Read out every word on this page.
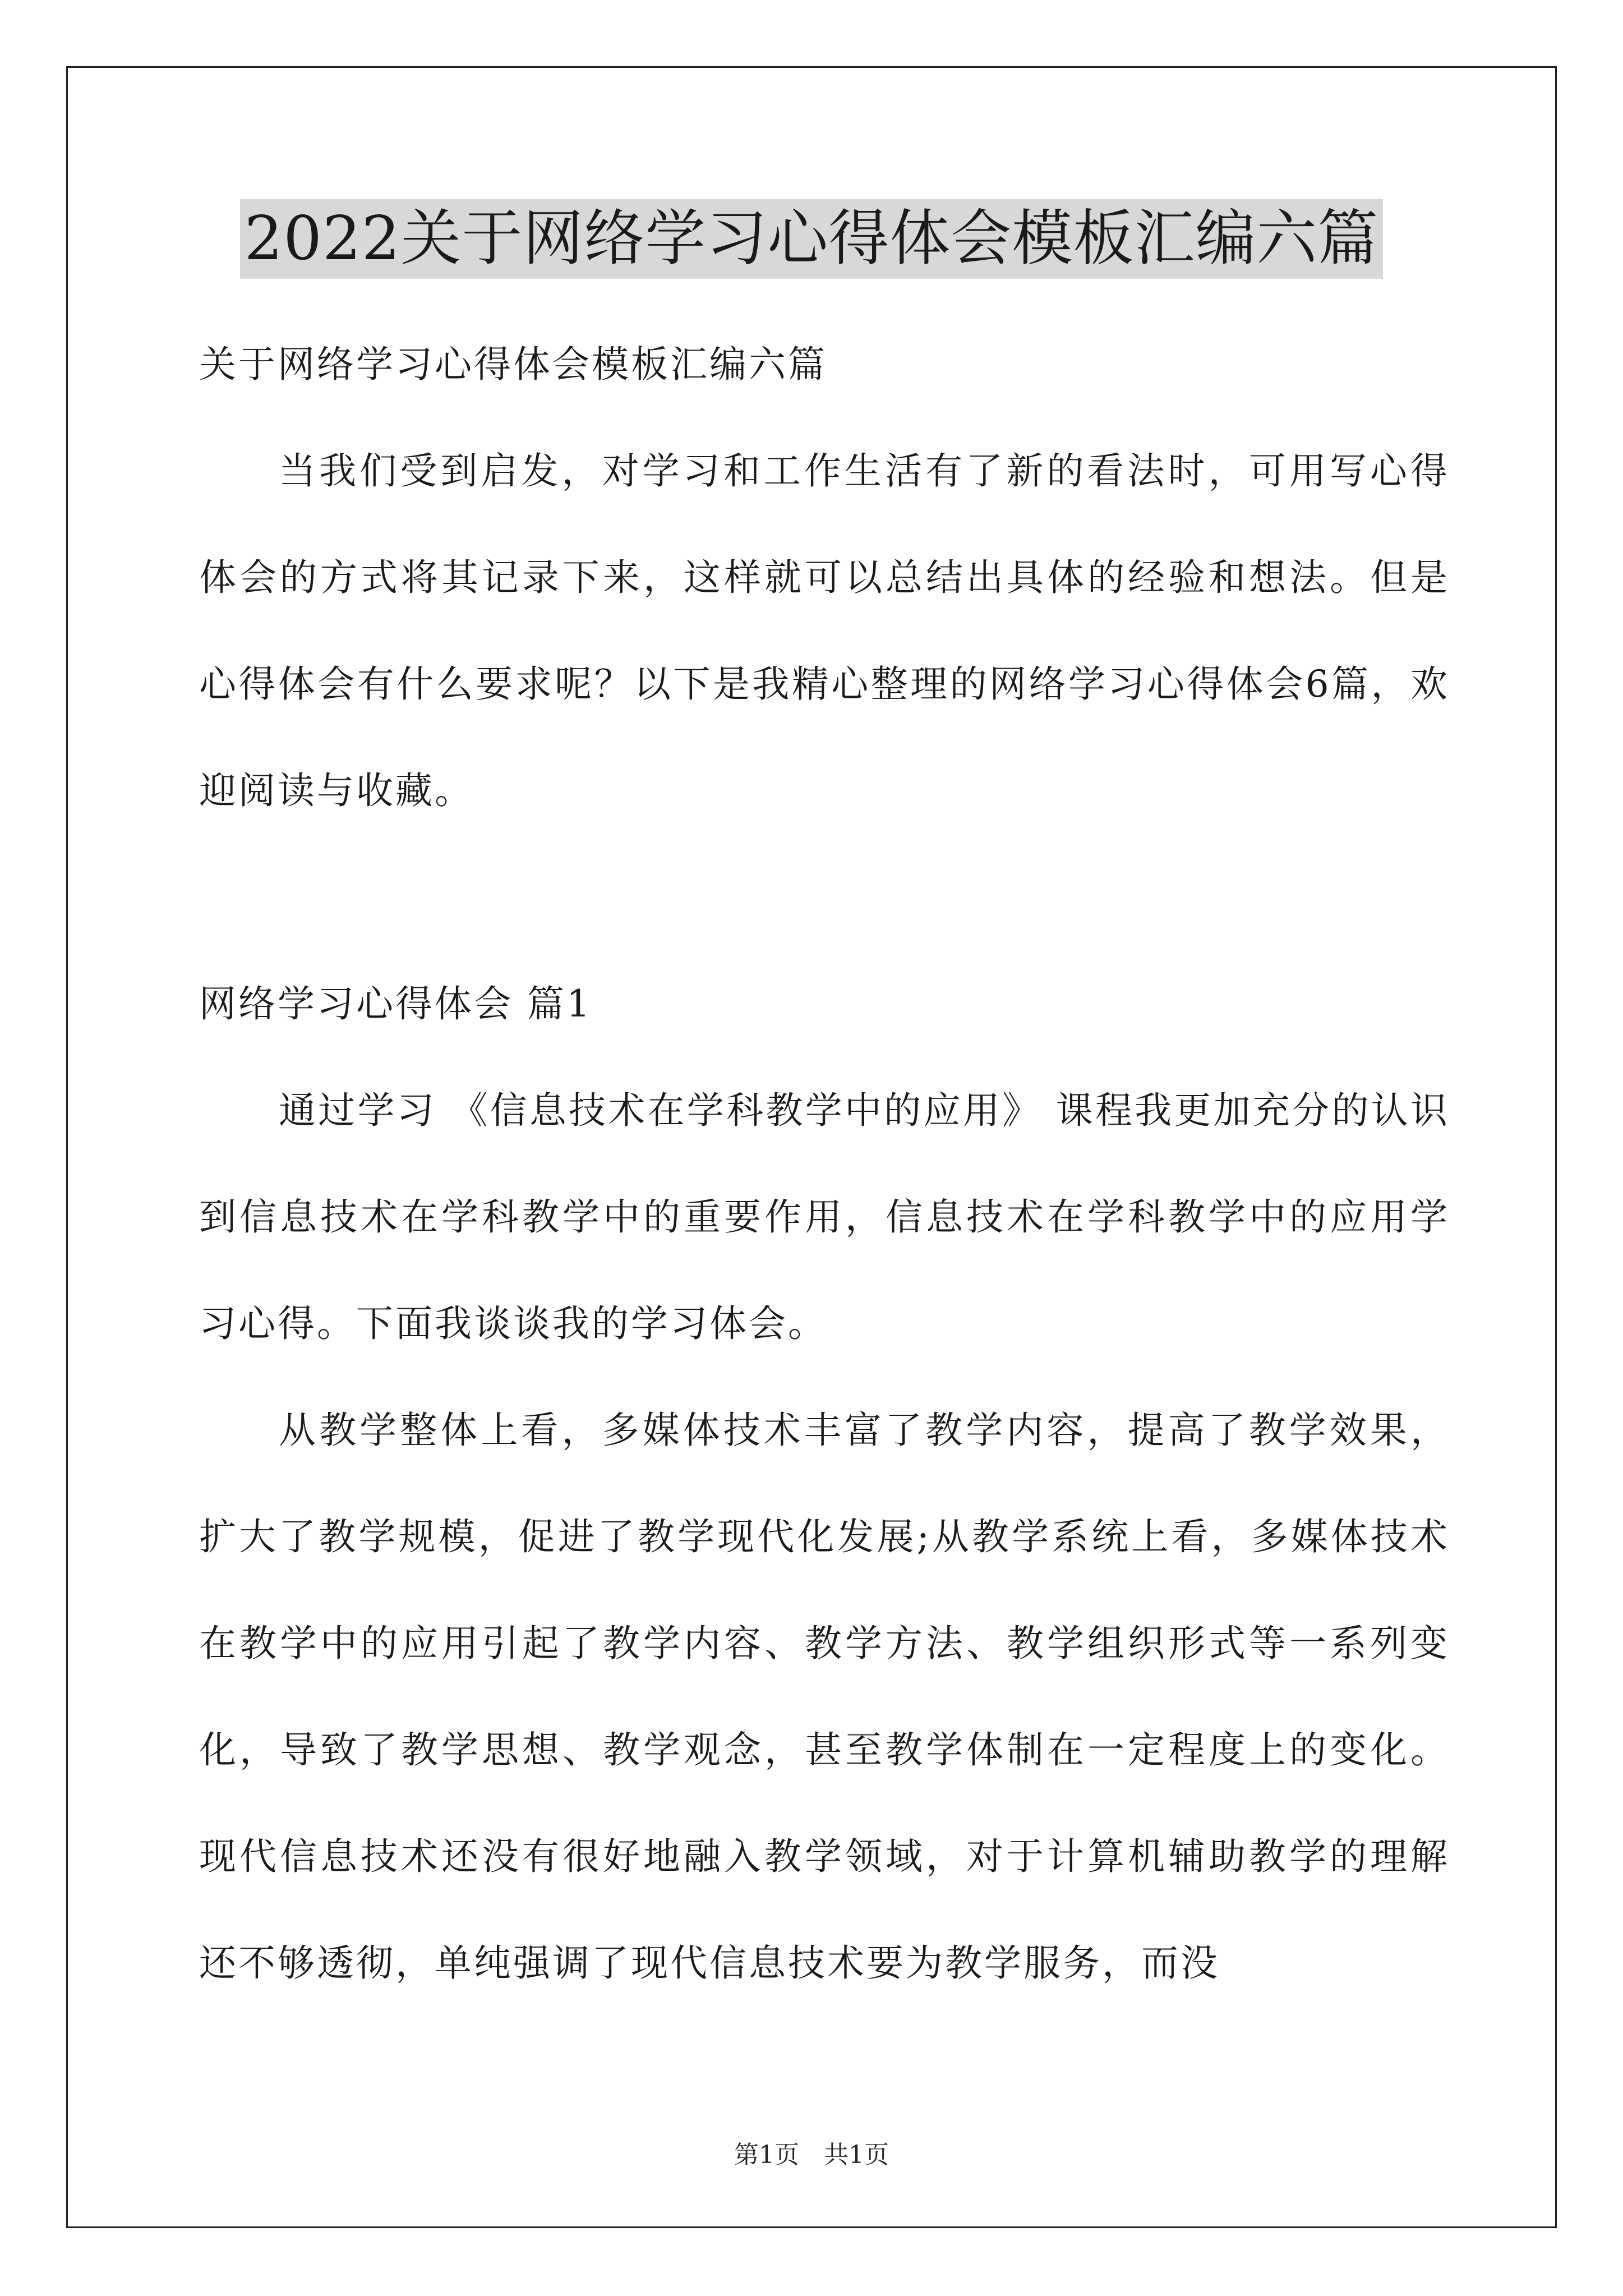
2022关于网络学习心得体会模板汇编六篇

关于网络学习心得体会模板汇编六篇

当我们受到启发，对学习和工作生活有了新的看法时，可用写心得体会的方式将其记录下来，这样就可以总结出具体的经验和想法。但是心得体会有什么要求呢？以下是我精心整理的网络学习心得体会6篇，欢迎阅读与收藏。

网络学习心得体会 篇1

通过学习 《信息技术在学科教学中的应用》 课程我更加充分的认识到信息技术在学科教学中的重要作用，信息技术在学科教学中的应用学习心得。下面我谈谈我的学习体会。

从教学整体上看，多媒体技术丰富了教学内容，提高了教学效果，扩大了教学规模，促进了教学现代化发展;从教学系统上看，多媒体技术在教学中的应用引起了教学内容、教学方法、教学组织形式等一系列变化，导致了教学思想、教学观念，甚至教学体制在一定程度上的变化。现代信息技术还没有很好地融入教学领域，对于计算机辅助教学的理解还不够透彻，单纯强调了现代信息技术要为教学服务，而没

第1页　共1页
